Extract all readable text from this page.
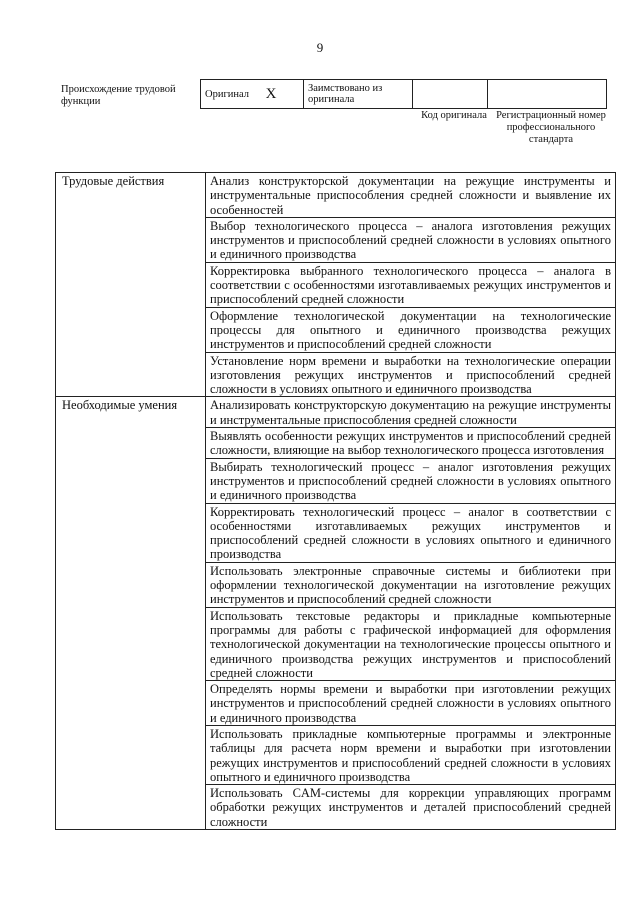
9
Происхождение трудовой функции
Оригинал X	Заимствовано из оригинала		
Код оригинала Регистрационный номер профессионального стандарта
Трудовые действия	Анализ конструкторской документации на режущие инструменты и инструментальные приспособления средней сложности и выявление их особенностей
	Выбор технологического процесса – аналога изготовления режущих инструментов и приспособлений средней сложности в условиях опытного и единичного производства
	Корректировка выбранного технологического процесса – аналога в соответствии с особенностями изготавливаемых режущих инструментов и приспособлений средней сложности
	Оформление технологической документации на технологические процессы для опытного и единичного производства режущих инструментов и приспособлений средней сложности
	Установление норм времени и выработки на технологические операции изготовления режущих инструментов и приспособлений средней сложности в условиях опытного и единичного производства
Необходимые умения	Анализировать конструкторскую документацию на режущие инструменты и инструментальные приспособления средней сложности
	Выявлять особенности режущих инструментов и приспособлений средней сложности, влияющие на выбор технологического процесса изготовления
	Выбирать технологический процесс – аналог изготовления режущих инструментов и приспособлений средней сложности в условиях опытного и единичного производства
	Корректировать технологический процесс – аналог в соответствии с особенностями изготавливаемых режущих инструментов и приспособлений средней сложности в условиях опытного и единичного производства
	Использовать электронные справочные системы и библиотеки при оформлении технологической документации на изготовление режущих инструментов и приспособлений средней сложности
	Использовать текстовые редакторы и прикладные компьютерные программы для работы с графической информацией для оформления технологической документации на технологические процессы опытного и единичного производства режущих инструментов и приспособлений средней сложности
	Определять нормы времени и выработки при изготовлении режущих инструментов и приспособлений средней сложности в условиях опытного и единичного производства
	Использовать прикладные компьютерные программы и электронные таблицы для расчета норм времени и выработки при изготовлении режущих инструментов и приспособлений средней сложности в условиях опытного и единичного производства
	Использовать CAM-системы для коррекции управляющих программ обработки режущих инструментов и деталей приспособлений средней сложности
